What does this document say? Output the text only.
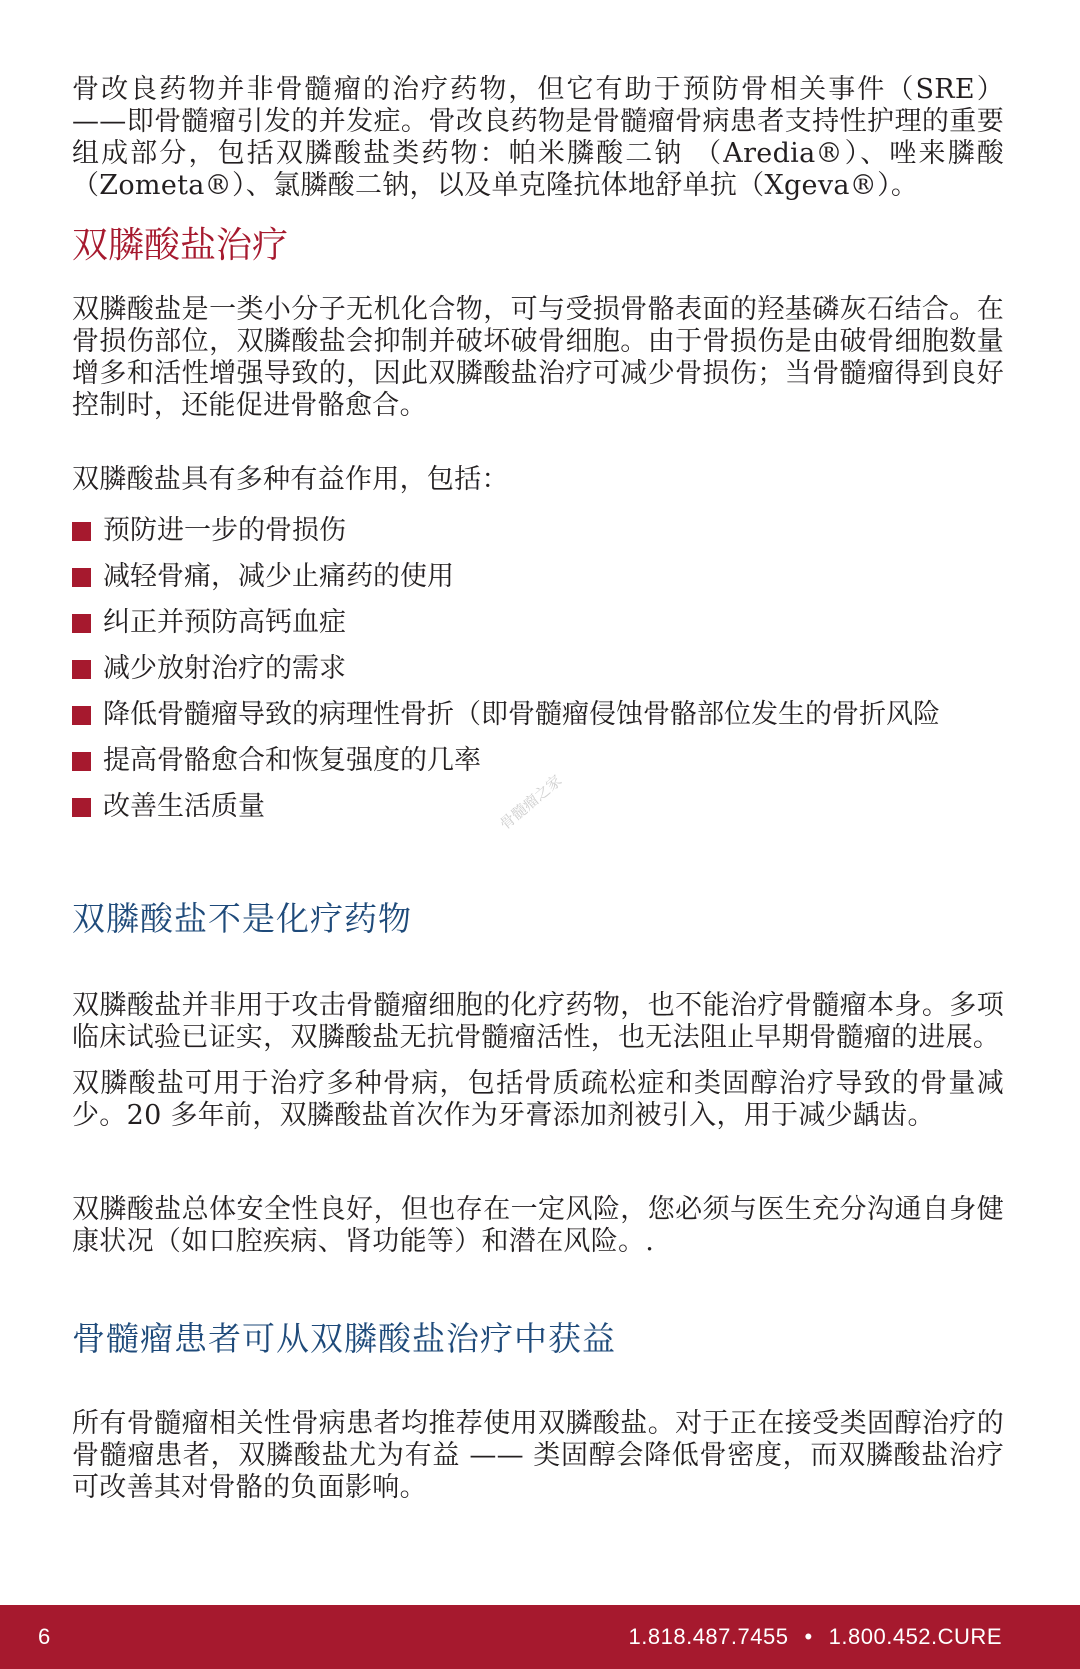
骨改良药物并非骨髓瘤的治疗药物，但它有助于预防骨相关事件（SRE）——即骨髓瘤引发的并发症。骨改良药物是骨髓瘤骨病患者支持性护理的重要组成部分，包括双膦酸盐类药物：帕米膦酸二钠 （Aredia®）、唑来膦酸（Zometa®）、氯膦酸二钠，以及单克隆抗体地舒单抗（Xgeva®）。

双膦酸盐治疗

双膦酸盐是一类小分子无机化合物，可与受损骨骼表面的羟基磷灰石结合。在骨损伤部位，双膦酸盐会抑制并破坏破骨细胞。由于骨损伤是由破骨细胞数量增多和活性增强导致的，因此双膦酸盐治疗可减少骨损伤；当骨髓瘤得到良好控制时，还能促进骨骼愈合。

双膦酸盐具有多种有益作用，包括：

预防进一步的骨损伤
减轻骨痛，减少止痛药的使用
纠正并预防高钙血症
减少放射治疗的需求
降低骨髓瘤导致的病理性骨折（即骨髓瘤侵蚀骨骼部位发生的骨折风险
提高骨骼愈合和恢复强度的几率
改善生活质量
双膦酸盐不是化疗药物

双膦酸盐并非用于攻击骨髓瘤细胞的化疗药物，也不能治疗骨髓瘤本身。多项临床试验已证实，双膦酸盐无抗骨髓瘤活性，也无法阻止早期骨髓瘤的进展。

双膦酸盐可用于治疗多种骨病，包括骨质疏松症和类固醇治疗导致的骨量减少。20 多年前，双膦酸盐首次作为牙膏添加剂被引入，用于减少龋齿。

双膦酸盐总体安全性良好，但也存在一定风险，您必须与医生充分沟通自身健康状况（如口腔疾病、肾功能等）和潜在风险。.

骨髓瘤患者可从双膦酸盐治疗中获益

所有骨髓瘤相关性骨病患者均推荐使用双膦酸盐。对于正在接受类固醇治疗的骨髓瘤患者，双膦酸盐尤为有益 —— 类固醇会降低骨密度，而双膦酸盐治疗可改善其对骨骼的负面影响。

骨髓瘤之家
6	1.818.487.7455 • 1.800.452.CURE
